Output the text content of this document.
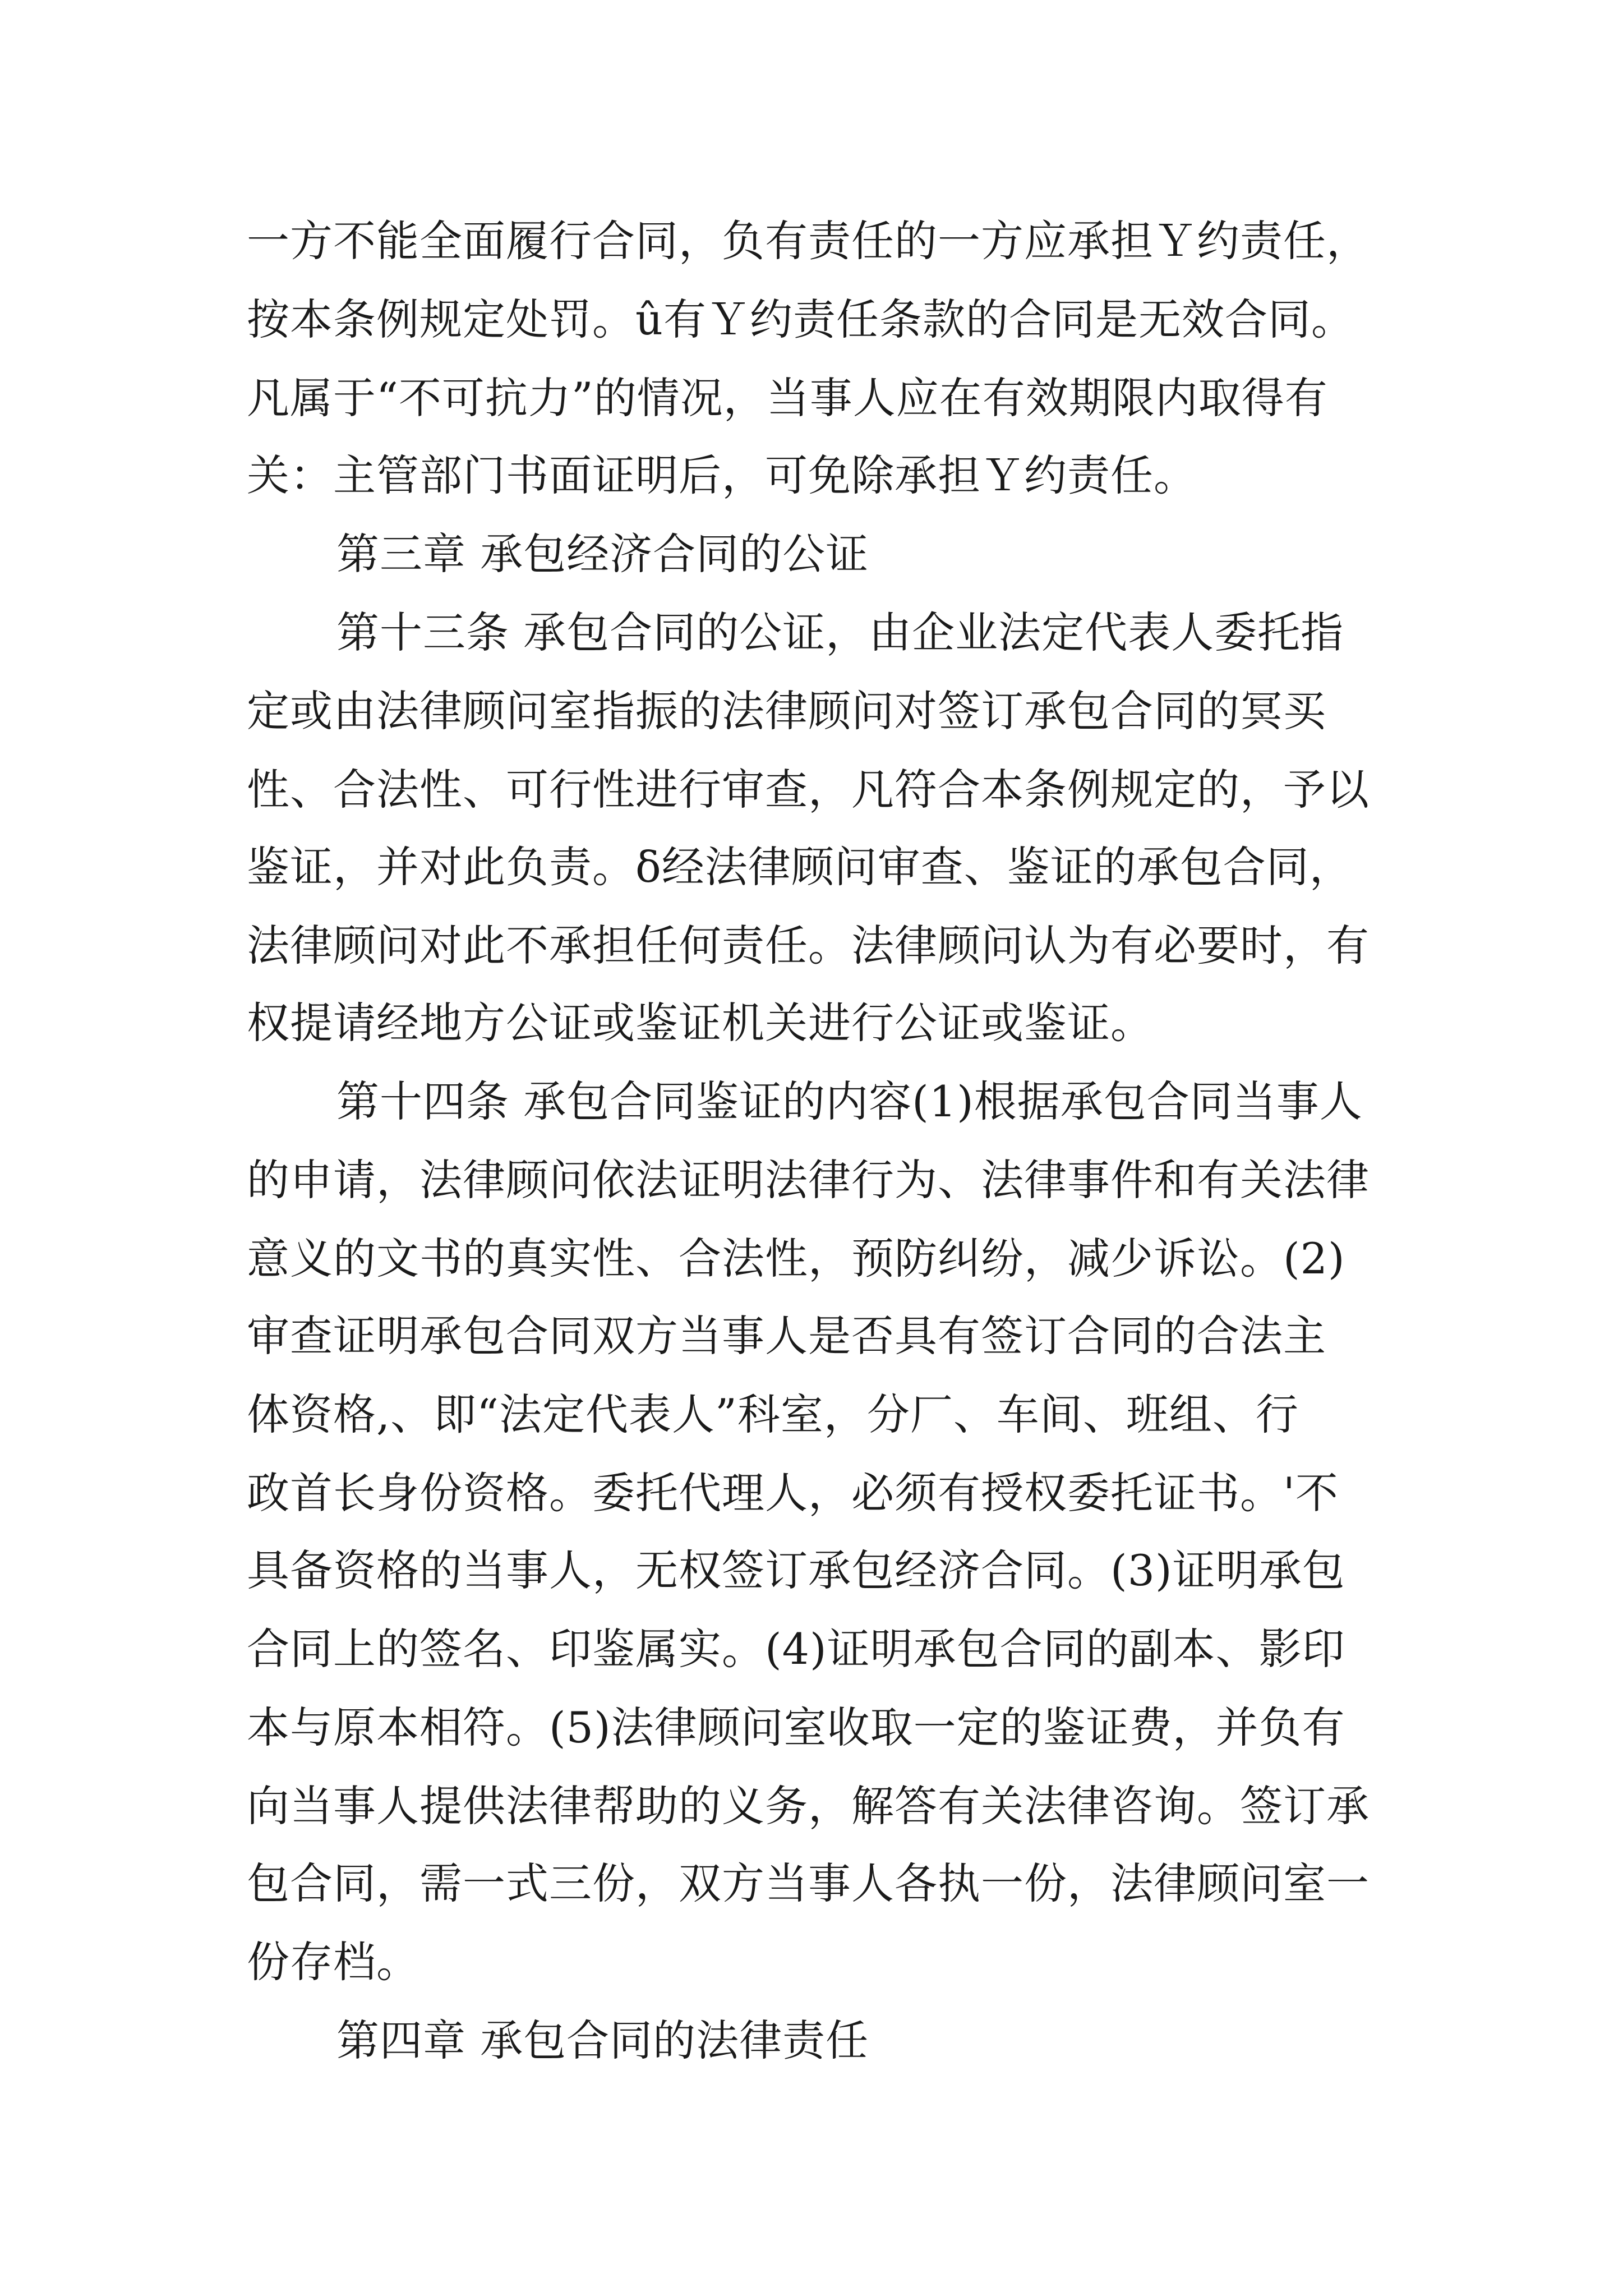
一方不能全面履行合同，负有责任的一方应承担Ｙ约责任，
按本条例规定处罚。û有Ｙ约责任条款的合同是无效合同。
凡属于“不可抗力”的情况，当事人应在有效期限内取得有
关：主管部门书面证明后，可免除承担Ｙ约责任。
第三章 承包经济合同的公证
第十三条 承包合同的公证，由企业法定代表人委托指
定或由法律顾问室指振的法律顾问对签订承包合同的冥买
性、合法性、可行性进行审查，凡符合本条例规定的，予以
鉴证，并对此负责。δ经法律顾问审查、鉴证的承包合同，
法律顾问对此不承担任何责任。法律顾问认为有必要时，有
权提请经地方公证或鉴证机关进行公证或鉴证。
第十四条 承包合同鉴证的内容(1)根据承包合同当事人
的申请，法律顾问依法证明法律行为、法律事件和有关法律
意义的文书的真实性、合法性，预防纠纷，减少诉讼。(2)
审查证明承包合同双方当事人是否具有签订合同的合法主
体资格,、即“法定代表人”科室，分厂、车间、班组、行
政首长身份资格。委托代理人，必须有授权委托证书。'不
具备资格的当事人，无权签订承包经济合同。(3)证明承包
合同上的签名、印鉴属实。(4)证明承包合同的副本、影印
本与原本相符。(5)法律顾问室收取一定的鉴证费，并负有
向当事人提供法律帮助的义务，解答有关法律咨询。签订承
包合同，需一式三份，双方当事人各执一份，法律顾问室一
份存档。
第四章 承包合同的法律责任
